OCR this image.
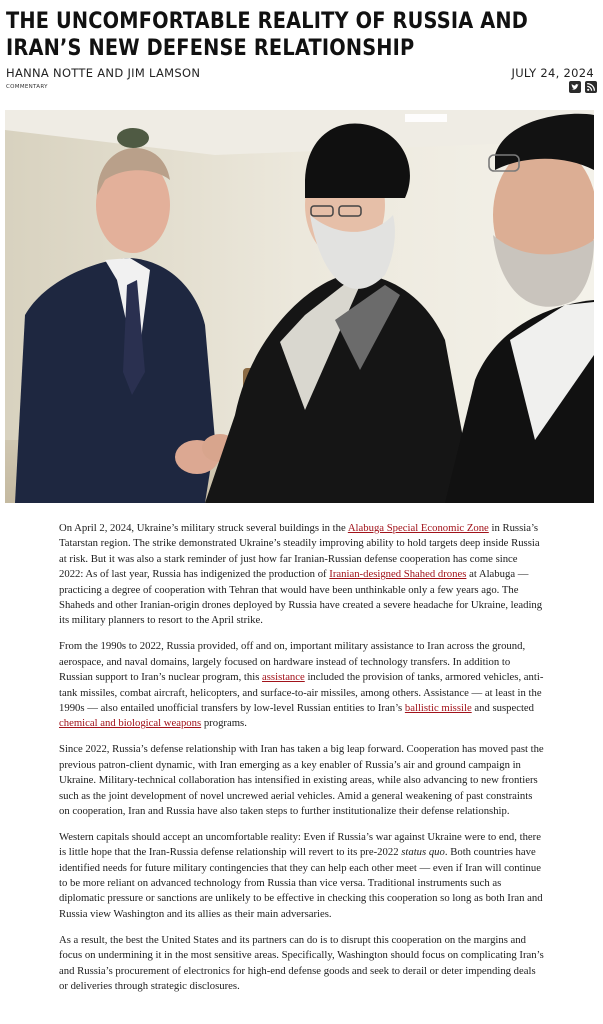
THE UNCOMFORTABLE REALITY OF RUSSIA AND IRAN’S NEW DEFENSE RELATIONSHIP
HANNA NOTTE AND JIM LAMSON	JULY 24, 2024
COMMENTARY

On April 2, 2024, Ukraine’s military struck several buildings in the Alabuga Special Economic Zone in Russia’s Tatarstan region. The strike demonstrated Ukraine’s steadily improving ability to hold targets deep inside Russia at risk. But it was also a stark reminder of just how far Iranian-Russian defense cooperation has come since 2022: As of last year, Russia has indigenized the production of Iranian-designed Shahed drones at Alabuga — practicing a degree of cooperation with Tehran that would have been unthinkable only a few years ago. The Shaheds and other Iranian-origin drones deployed by Russia have created a severe headache for Ukraine, leading its military planners to resort to the April strike.

From the 1990s to 2022, Russia provided, off and on, important military assistance to Iran across the ground, aerospace, and naval domains, largely focused on hardware instead of technology transfers. In addition to Russian support to Iran’s nuclear program, this assistance included the provision of tanks, armored vehicles, anti-tank missiles, combat aircraft, helicopters, and surface-to-air missiles, among others. Assistance — at least in the 1990s — also entailed unofficial transfers by low-level Russian entities to Iran’s ballistic missile and suspected chemical and biological weapons programs.

Since 2022, Russia’s defense relationship with Iran has taken a big leap forward. Cooperation has moved past the previous patron-client dynamic, with Iran emerging as a key enabler of Russia’s air and ground campaign in Ukraine. Military-technical collaboration has intensified in existing areas, while also advancing to new frontiers such as the joint development of novel uncrewed aerial vehicles. Amid a general weakening of past constraints on cooperation, Iran and Russia have also taken steps to further institutionalize their defense relationship.

Western capitals should accept an uncomfortable reality: Even if Russia’s war against Ukraine were to end, there is little hope that the Iran-Russia defense relationship will revert to its pre-2022 status quo. Both countries have identified needs for future military contingencies that they can help each other meet — even if Iran will continue to be more reliant on advanced technology from Russia than vice versa. Traditional instruments such as diplomatic pressure or sanctions are unlikely to be effective in checking this cooperation so long as both Iran and Russia view Washington and its allies as their main adversaries.

As a result, the best the United States and its partners can do is to disrupt this cooperation on the margins and focus on undermining it in the most sensitive areas. Specifically, Washington should focus on complicating Iran’s and Russia’s procurement of electronics for high-end defense goods and seek to derail or deter impending deals or deliveries through strategic disclosures.
